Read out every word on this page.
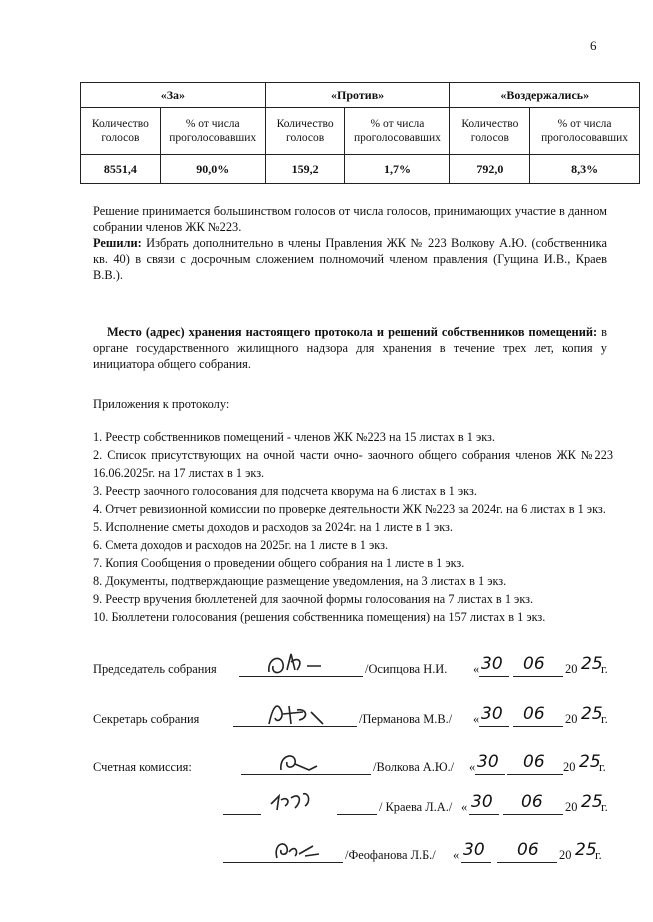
6
«За»		«Против»		«Воздержались»	
Количество голосов	% от числа проголосовавших	Количество голосов	% от числа проголосовавших	Количество голосов	% от числа проголосовавших
8551,4	90,0%	159,2	1,7%	792,0	8,3%
Решение принимается большинством голосов от числа голосов, принимающих участие в данном собрании членов ЖК №223.
Решили: Избрать дополнительно в члены Правления ЖК № 223 Волкову А.Ю. (собственника кв. 40) в связи с досрочным сложением полномочий членом правления (Гущина И.В., Краев В.В.).
Место (адрес) хранения настоящего протокола и решений собственников помещений: в органе государственного жилищного надзора для хранения в течение трех лет, копия у инициатора общего собрания.
Приложения к протоколу:
1. Реестр собственников помещений - членов ЖК №223 на 15 листах в 1 экз.
2. Список присутствующих на очной части очно- заочного общего собрания членов ЖК №223 16.06.2025г. на 17 листах в 1 экз.
3. Реестр заочного голосования для подсчета кворума на 6 листах в 1 экз.
4. Отчет ревизионной комиссии по проверке деятельности ЖК №223 за 2024г. на 6 листах в 1 экз.
5. Исполнение сметы доходов и расходов за 2024г. на 1 листе в 1 экз.
6. Смета доходов и расходов на 2025г. на 1 листе в 1 экз.
7. Копия Сообщения о проведении общего собрания на 1 листе в 1 экз.
8. Документы, подтверждающие размещение уведомления, на 3 листах в 1 экз.
9. Реестр вручения бюллетеней для заочной формы голосования на 7 листах в 1 экз.
10. Бюллетени голосования (решения собственника помещения) на 157 листах в 1 экз.
Председатель собрания	/Осипцова Н.И. « 30 06 20 25
г.
Секретарь собрания	/Перманова М.В./ « 30 06 20 25
г.
Счетная комиссия:	/Волкова А.Ю./ « 30 06 20 25
г.
/ Краева Л.А./ « 30 06 20 25
г.
/Феофанова Л.Б./ « 30 06 20 25
г.
